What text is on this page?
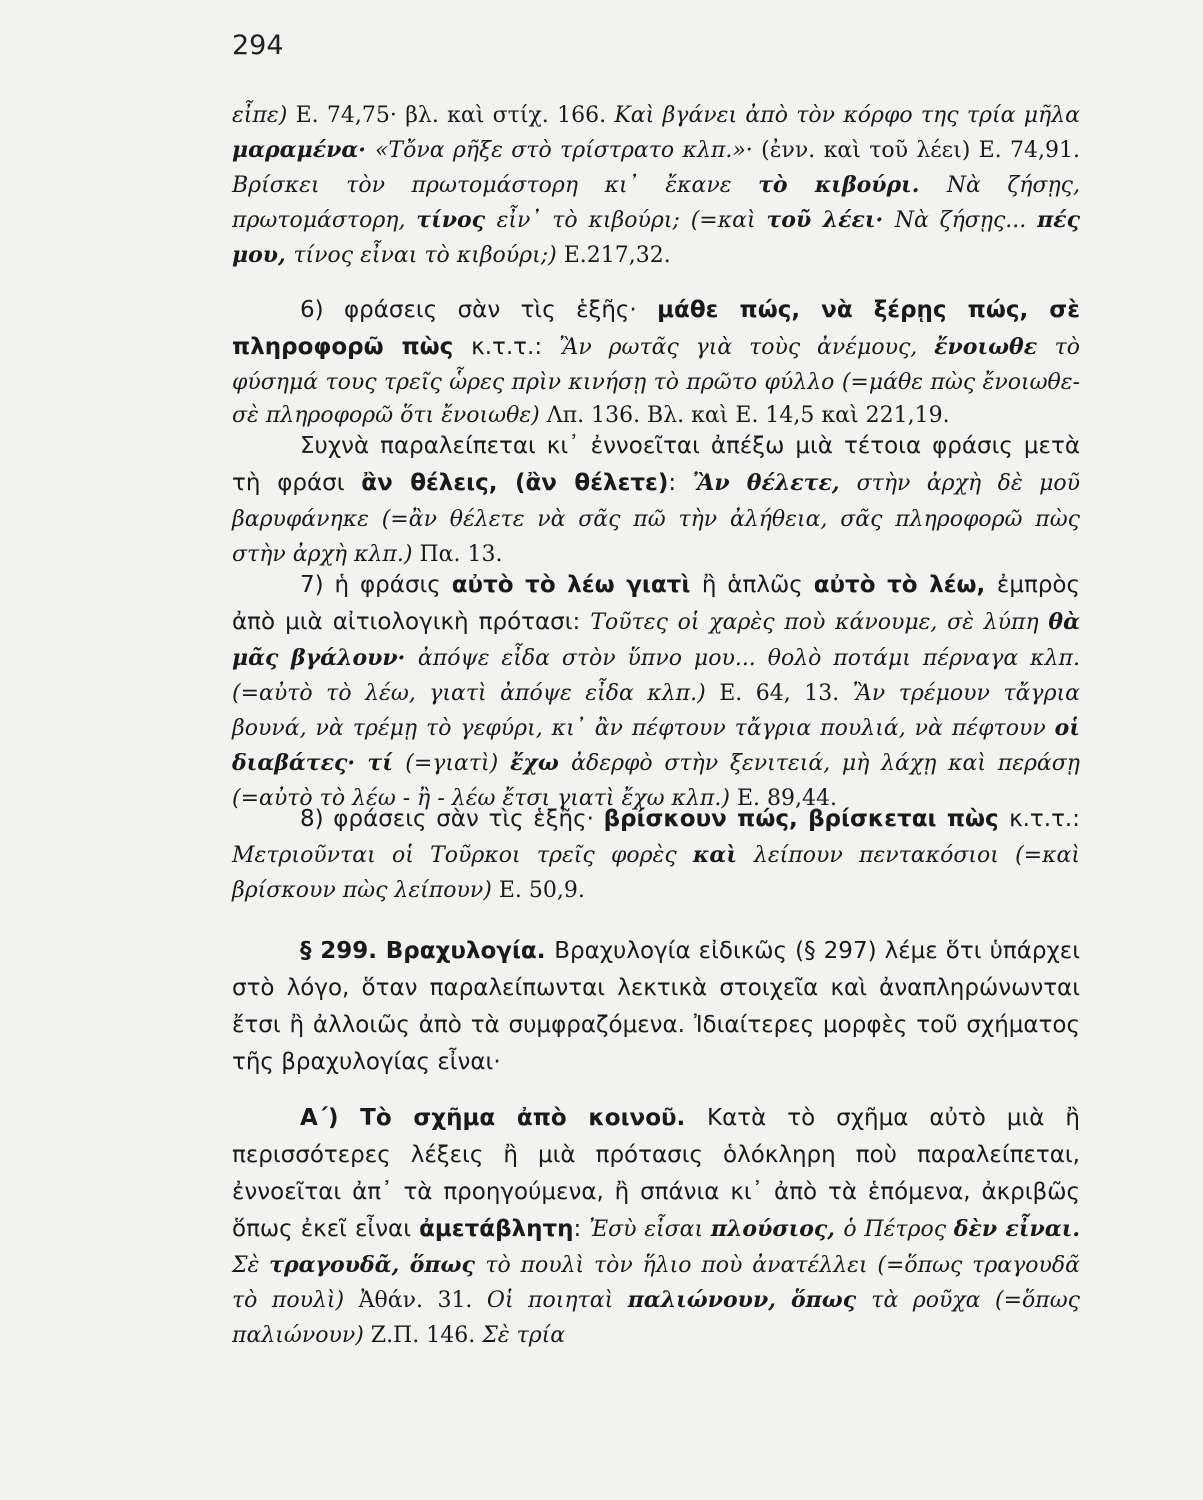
294
εἶπε) Ε. 74,75· βλ. καὶ στίχ. 166. Καὶ βγάνει ἀπὸ τὸν κόρφο της τρία μῆλα μαραμένα· «Τὄνα ρῆξε στὸ τρίστρατο κλπ.»· (ἐνν. καὶ τοῦ λέει) Ε. 74,91. Βρίσκει τὸν πρωτομάστορη κι᾿ ἔκανε τὸ κιβούρι. Νὰ ζήσῃς, πρωτομάστορη, τίνος εἶν᾿ τὸ κιβούρι; (=καὶ τοῦ λέει· Νὰ ζήσῃς... πές μου, τίνος εἶναι τὸ κιβούρι;) Ε.217,32.
6) φράσεις σὰν τὶς ἑξῆς· μάθε πώς, νὰ ξέρῃς πώς, σὲ πληροφορῶ πὼς κ.τ.τ.: Ἂν ρωτᾶς γιὰ τοὺς ἀνέμους, ἔνοιωθε τὸ φύσημά τους τρεῖς ὧρες πρὶν κινήσῃ τὸ πρῶτο φύλλο (=μάθε πὼς ἔνοιωθε-σὲ πληροφορῶ ὅτι ἔνοιωθε) Λπ. 136. Βλ. καὶ Ε. 14,5 καὶ 221,19.
Συχνὰ παραλείπεται κι᾿ ἐννοεῖται ἀπέξω μιὰ τέτοια φράσις μετὰ τὴ φράσι ἂν θέλεις, (ἂν θέλετε): Ἂν θέλετε, στὴν ἀρχὴ δὲ μοῦ βαρυφάνηκε (=ἂν θέλετε νὰ σᾶς πῶ τὴν ἀλήθεια, σᾶς πληροφορῶ πὼς στὴν ἀρχὴ κλπ.) Πα. 13.
7) ἡ φράσις αὐτὸ τὸ λέω γιατὶ ἢ ἁπλῶς αὐτὸ τὸ λέω, ἐμπρὸς ἀπὸ μιὰ αἰτιολογικὴ πρότασι: Τοῦτες οἱ χαρὲς ποὺ κάνουμε, σὲ λύπη θὰ μᾶς βγάλουν· ἀπόψε εἶδα στὸν ὕπνο μου... θολὸ ποτάμι πέρναγα κλπ. (=αὐτὸ τὸ λέω, γιατὶ ἀπόψε εἶδα κλπ.) Ε. 64, 13. Ἂν τρέμουν τἄγρια βουνά, νὰ τρέμῃ τὸ γεφύρι, κι᾿ ἂν πέφτουν τἄγρια πουλιά, νὰ πέφτουν οἱ διαβάτες· τί (=γιατὶ) ἔχω ἀδερφὸ στὴν ξενιτειά, μὴ λάχῃ καὶ περάσῃ (=αὐτὸ τὸ λέω - ἢ - λέω ἔτσι γιατὶ ἔχω κλπ.) Ε. 89,44.
8) φράσεις σὰν τὶς ἑξῆς· βρίσκουν πώς, βρίσκεται πὼς κ.τ.τ.: Μετριοῦνται οἱ Τοῦρκοι τρεῖς φορὲς καὶ λείπουν πεντακόσιοι (=καὶ βρίσκουν πὼς λείπουν) Ε. 50,9.
§ 299. Βραχυλογία. Βραχυλογία εἰδικῶς (§ 297) λέμε ὅτι ὑπάρχει στὸ λόγο, ὅταν παραλείπωνται λεκτικὰ στοιχεῖα καὶ ἀναπληρώνωνται ἔτσι ἢ ἀλλοιῶς ἀπὸ τὰ συμφραζόμενα. Ἰδιαίτερες μορφὲς τοῦ σχήματος τῆς βραχυλογίας εἶναι·
Α΄) Τὸ σχῆμα ἀπὸ κοινοῦ. Κατὰ τὸ σχῆμα αὐτὸ μιὰ ἢ περισσότερες λέξεις ἢ μιὰ πρότασις ὁλόκληρη ποὺ παραλείπεται, ἐννοεῖται ἀπ᾿ τὰ προηγούμενα, ἢ σπάνια κι᾿ ἀπὸ τὰ ἑπόμενα, ἀκριβῶς ὅπως ἐκεῖ εἶναι ἀμετάβλητη: Ἐσὺ εἶσαι πλούσιος, ὁ Πέτρος δὲν εἶναι. Σὲ τραγουδᾶ, ὅπως τὸ πουλὶ τὸν ἥλιο ποὺ ἀνατέλλει (=ὅπως τραγουδᾶ τὸ πουλὶ) Ἀθάν. 31. Οἱ ποιηταὶ παλιώνουν, ὅπως τὰ ροῦχα (=ὅπως παλιώνουν) Ζ.Π. 146. Σὲ τρία
